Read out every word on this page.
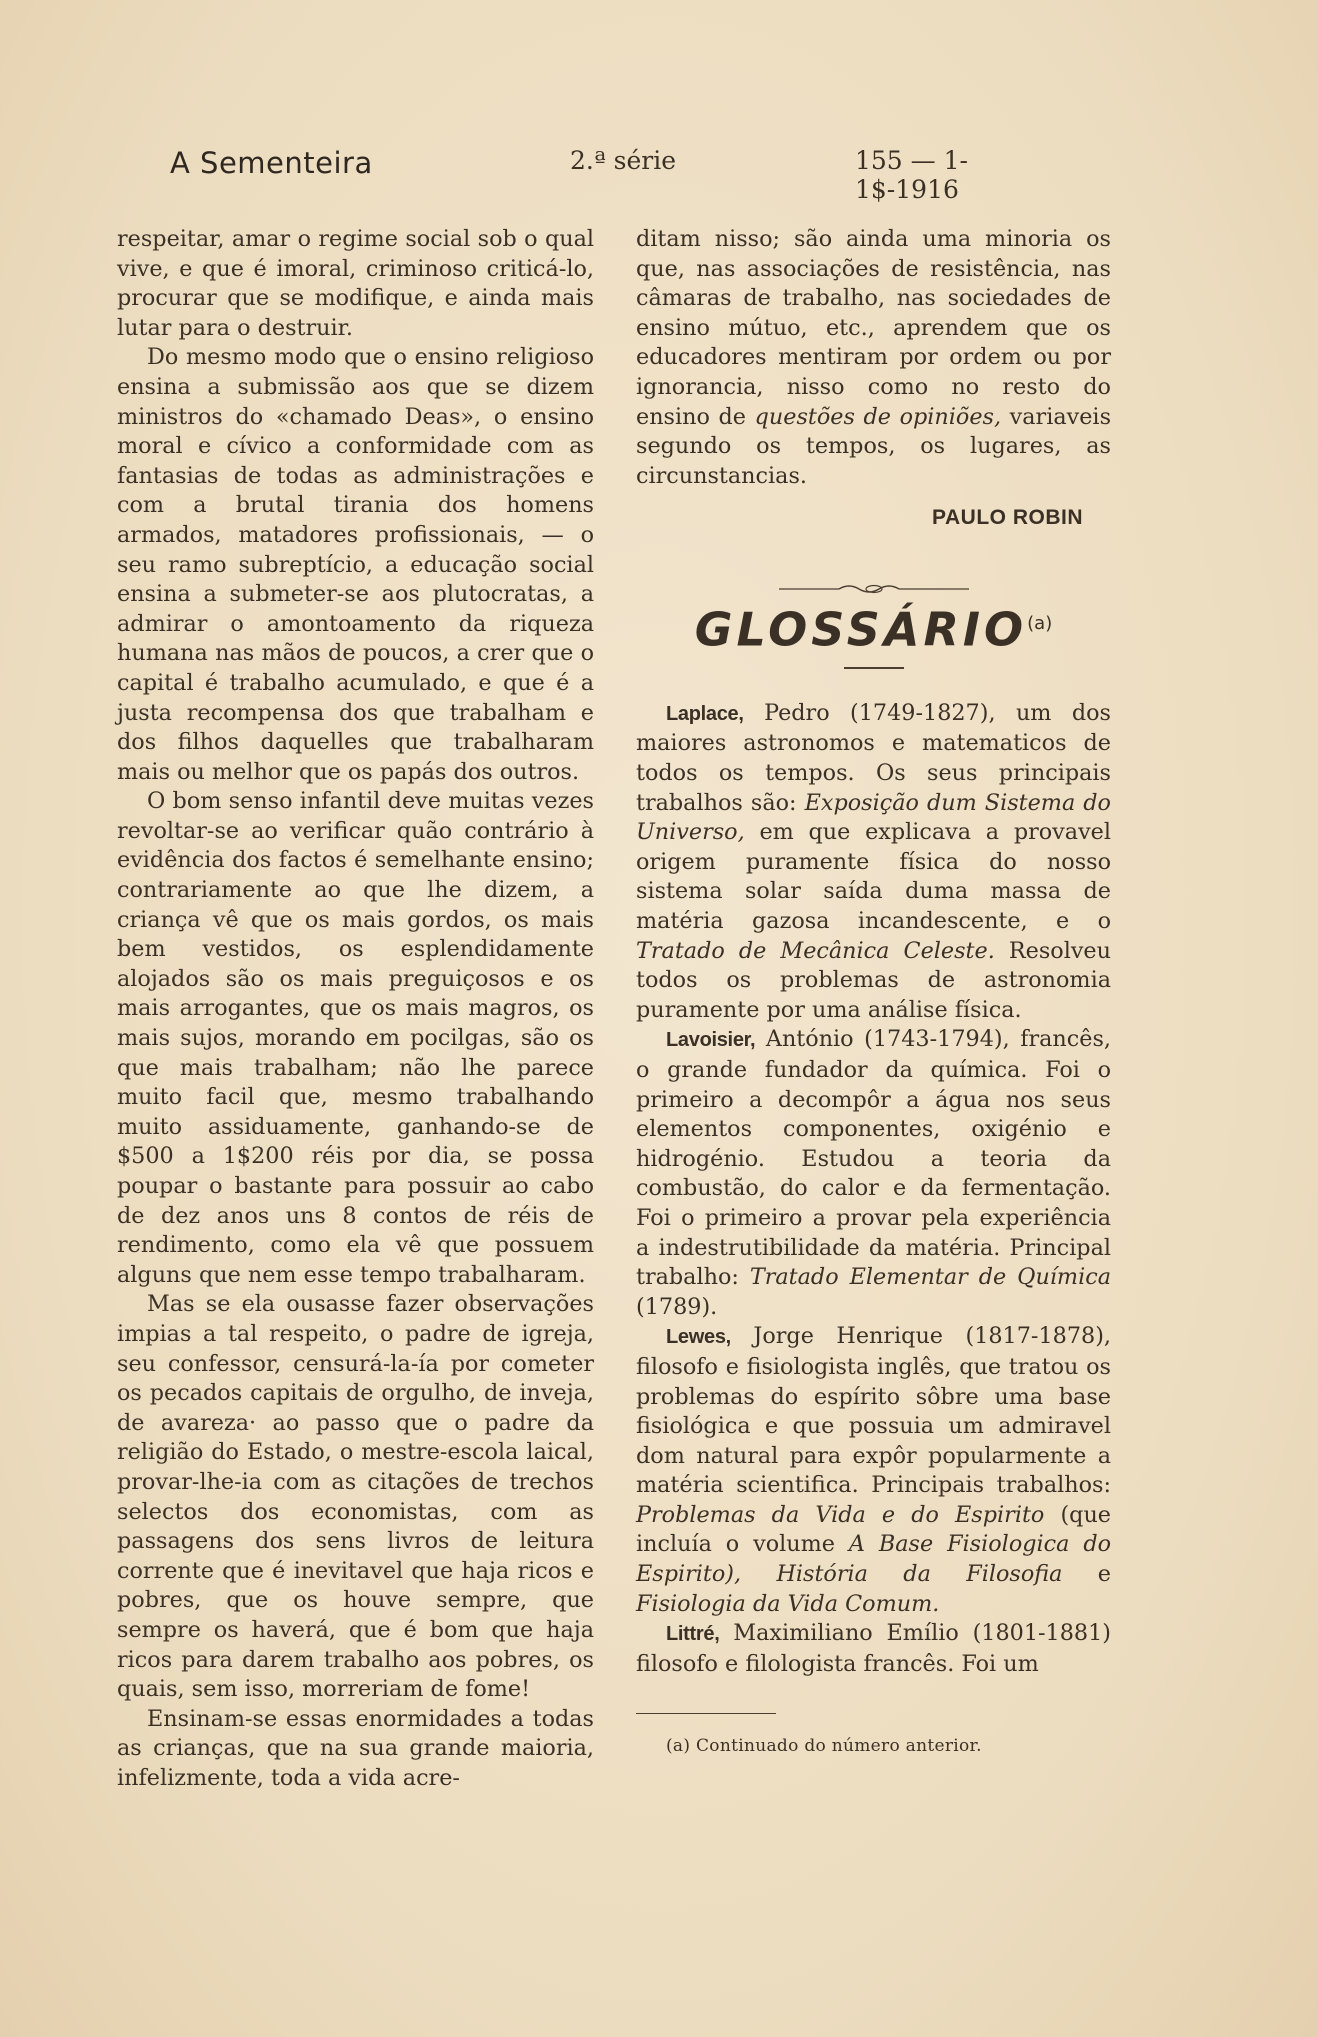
A Sementeira	2.ª série	155 — 1-1$-1916

respeitar, amar o regime social sob o qual vive, e que é imoral, criminoso criticá-lo, procurar que se modifique, e ainda mais lutar para o destruir.

Do mesmo modo que o ensino religioso ensina a submissão aos que se dizem ministros do «chamado Deas», o ensino moral e cívico a conformidade com as fantasias de todas as administrações e com a brutal tirania dos homens armados, matadores profissionais, — o seu ramo subreptício, a educação social ensina a submeter-se aos plutocratas, a admirar o amontoamento da riqueza humana nas mãos de poucos, a crer que o capital é trabalho acumulado, e que é a justa recompensa dos que trabalham e dos filhos daquelles que trabalharam mais ou melhor que os papás dos outros.

O bom senso infantil deve muitas vezes revoltar-se ao verificar quão contrário à evidência dos factos é semelhante ensino; contrariamente ao que lhe dizem, a criança vê que os mais gordos, os mais bem vestidos, os esplendidamente alojados são os mais preguiçosos e os mais arrogantes, que os mais magros, os mais sujos, morando em pocilgas, são os que mais trabalham; não lhe parece muito facil que, mesmo trabalhando muito assiduamente, ganhando-se de $500 a 1$200 réis por dia, se possa poupar o bastante para possuir ao cabo de dez anos uns 8 contos de réis de rendimento, como ela vê que possuem alguns que nem esse tempo trabalharam.

Mas se ela ousasse fazer observações impias a tal respeito, o padre de igreja, seu confessor, censurá-la-ía por cometer os pecados capitais de orgulho, de inveja, de avareza· ao passo que o padre da religião do Estado, o mestre-escola laical, provar-lhe-ia com as citações de trechos selectos dos economistas, com as passagens dos sens livros de leitura corrente que é inevitavel que haja ricos e pobres, que os houve sempre, que sempre os haverá, que é bom que haja ricos para darem trabalho aos pobres, os quais, sem isso, morreriam de fome!

Ensinam-se essas enormidades a todas as crianças, que na sua grande maioria, infelizmente, toda a vida acre-

ditam nisso; são ainda uma minoria os que, nas associações de resistência, nas câmaras de trabalho, nas sociedades de ensino mútuo, etc., aprendem que os educadores mentiram por ordem ou por ignorancia, nisso como no resto do ensino de questões de opiniões, variaveis segundo os tempos, os lugares, as circunstancias.

PAULO ROBIN
GLOSSÁRIO$^{(a)}$

Laplace, Pedro (1749-1827), um dos maiores astronomos e matematicos de todos os tempos. Os seus principais trabalhos são: Exposição dum Sistema do Universo, em que explicava a provavel origem puramente física do nosso sistema solar saída duma massa de matéria gazosa incandescente, e o Tratado de Mecânica Celeste. Resolveu todos os problemas de astronomia puramente por uma análise física.

Lavoisier, António (1743-1794), francês, o grande fundador da química. Foi o primeiro a decompôr a água nos seus elementos componentes, oxigénio e hidrogénio. Estudou a teoria da combustão, do calor e da fermentação. Foi o primeiro a provar pela experiência a indestrutibilidade da matéria. Principal trabalho: Tratado Elementar de Química (1789).

Lewes, Jorge Henrique (1817-1878), filosofo e fisiologista inglês, que tratou os problemas do espírito sôbre uma base fisiológica e que possuia um admiravel dom natural para expôr popularmente a matéria scientifica. Principais trabalhos: Problemas da Vida e do Espirito (que incluía o volume A Base Fisiologica do Espirito), História da Filosofia e Fisiologia da Vida Comum.

Littré, Maximiliano Emílio (1801-1881) filosofo e filologista francês. Foi um

(a) Continuado do número anterior.
